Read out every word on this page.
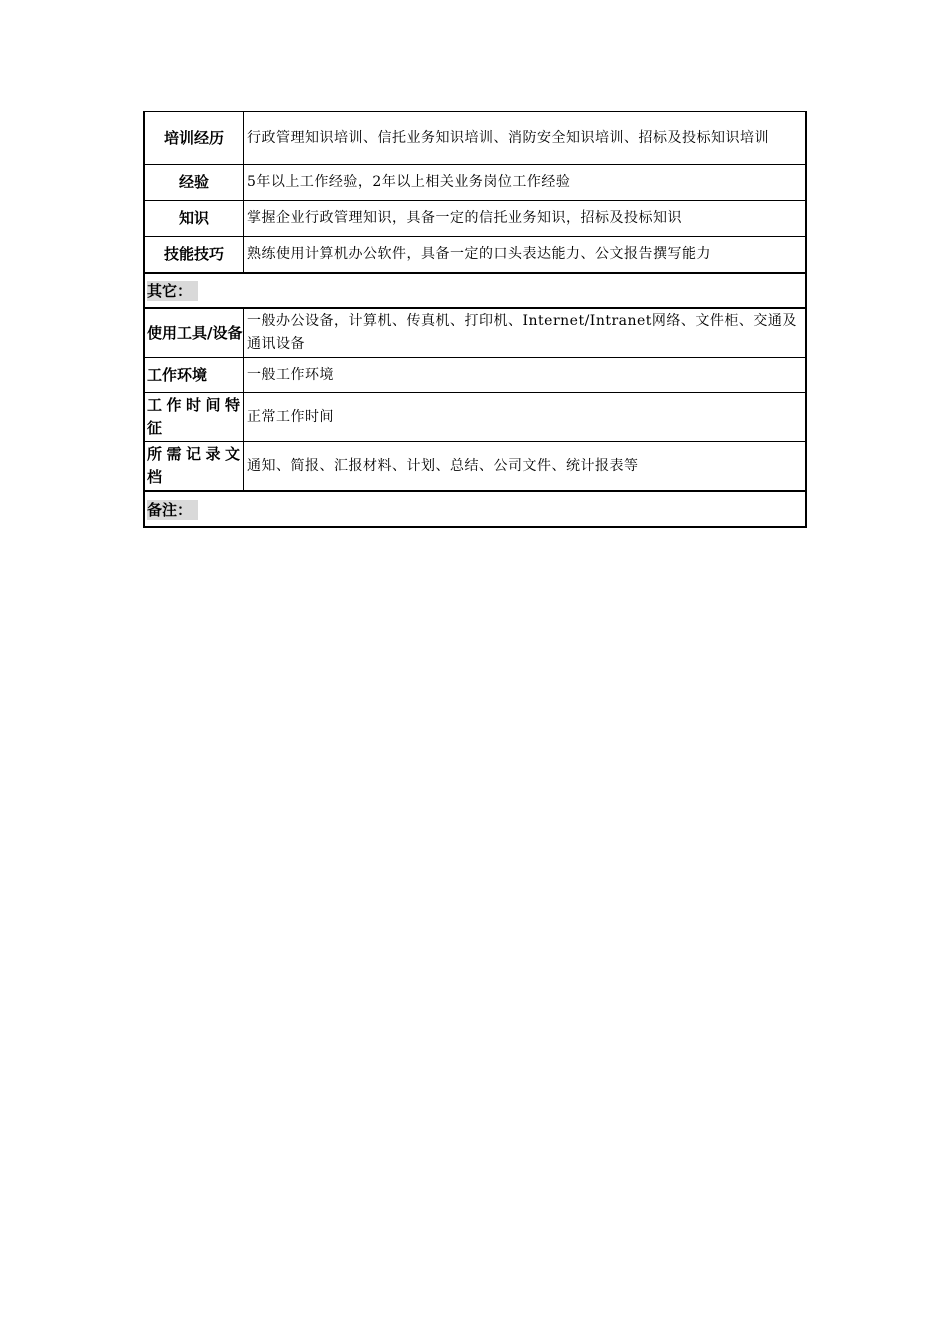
培训经历	行政管理知识培训、信托业务知识培训、消防安全知识培训、招标及投标知识培训
经验	5年以上工作经验，2年以上相关业务岗位工作经验
知识	掌握企业行政管理知识，具备一定的信托业务知识，招标及投标知识
技能技巧	熟练使用计算机办公软件，具备一定的口头表达能力、公文报告撰写能力
其它：	
使用工具/设备	一般办公设备，计算机、传真机、打印机、Internet/Intranet网络、文件柜、交通及通讯设备
工作环境	一般工作环境
工作时间特征	正常工作时间
所需记录文档	通知、简报、汇报材料、计划、总结、公司文件、统计报表等
备注：	
